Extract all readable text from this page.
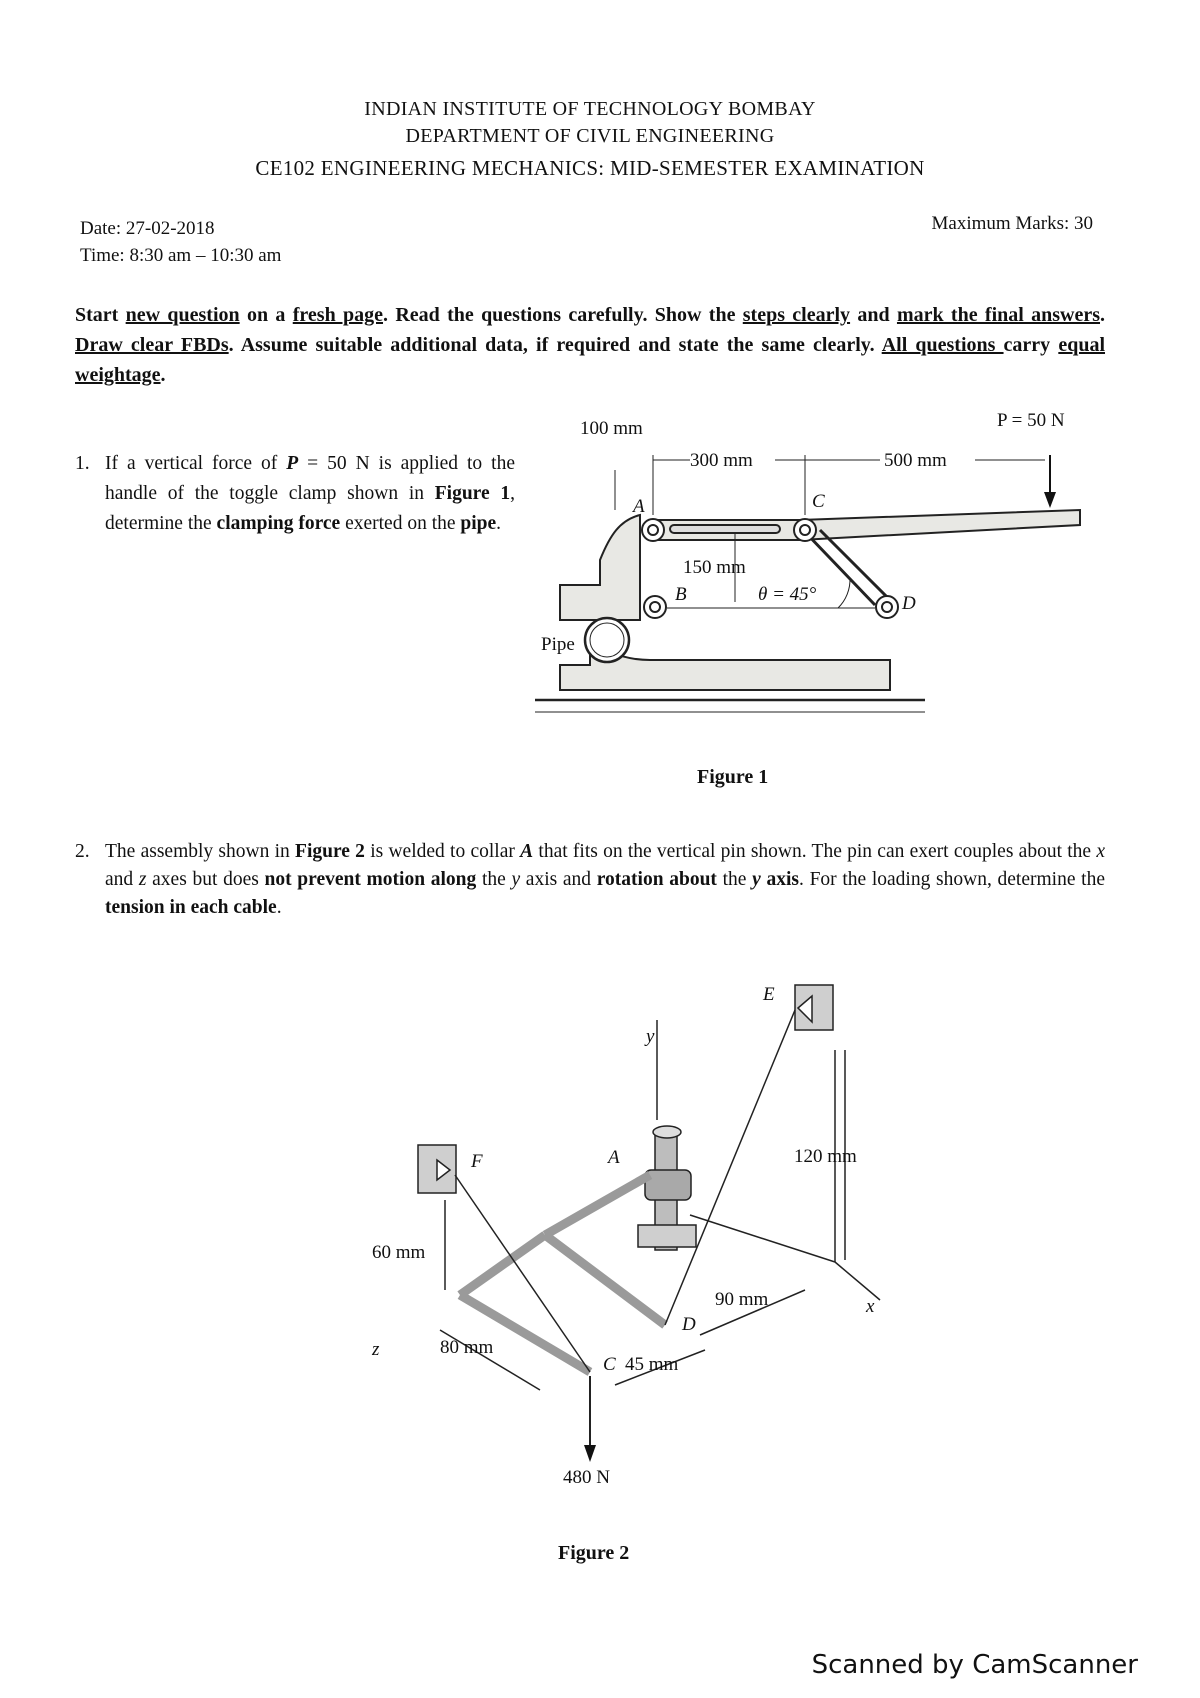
INDIAN INSTITUTE OF TECHNOLOGY BOMBAY
DEPARTMENT OF CIVIL ENGINEERING
CE102 ENGINEERING MECHANICS: MID-SEMESTER EXAMINATION
Date: 27-02-2018
Time: 8:30 am – 10:30 am
Maximum Marks: 30
Start new question on a fresh page. Read the questions carefully. Show the steps clearly and mark the final answers. Draw clear FBDs. Assume suitable additional data, if required and state the same clearly. All questions carry equal weightage.
1. If a vertical force of P = 50 N is applied to the handle of the toggle clamp shown in Figure 1, determine the clamping force exerted on the pipe.
100 mm
300 mm	500 mm
P = 50 N
150 mm
θ = 45°
A
B
C
D
Pipe
Figure 1
2. The assembly shown in Figure 2 is welded to collar A that fits on the vertical pin shown. The pin can exert couples about the x and z axes but does not prevent motion along the y axis and rotation about the y axis. For the loading shown, determine the tension in each cable.
y
x
z
A
C
D
E
F
60 mm
80 mm
45 mm
90 mm
120 mm
480 N
Figure 2
Scanned by CamScanner
